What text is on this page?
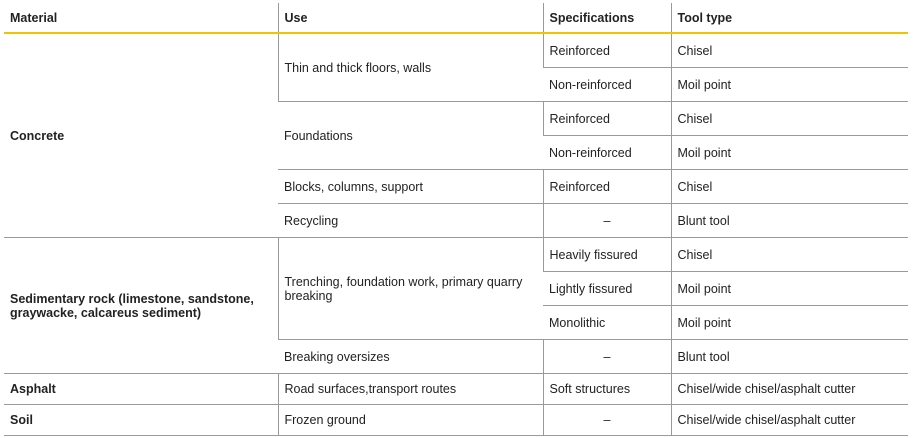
Material	Use	Specifications	Tool type
Concrete	Thin and thick floors, walls	Reinforced	Chisel
		Non-reinforced	Moil point
	Foundations	Reinforced	Chisel
		Non-reinforced	Moil point
	Blocks, columns, support	Reinforced	Chisel
	Recycling	–	Blunt tool
Sedimentary rock (limestone, sandstone, graywacke, calcareus sediment)	Trenching, foundation work, primary quarry breaking	Heavily fissured	Chisel
		Lightly fissured	Moil point
		Monolithic	Moil point
	Breaking oversizes	–	Blunt tool
Asphalt	Road surfaces,transport routes	Soft structures	Chisel/wide chisel/asphalt cutter
Soil	Frozen ground	–	Chisel/wide chisel/asphalt cutter
